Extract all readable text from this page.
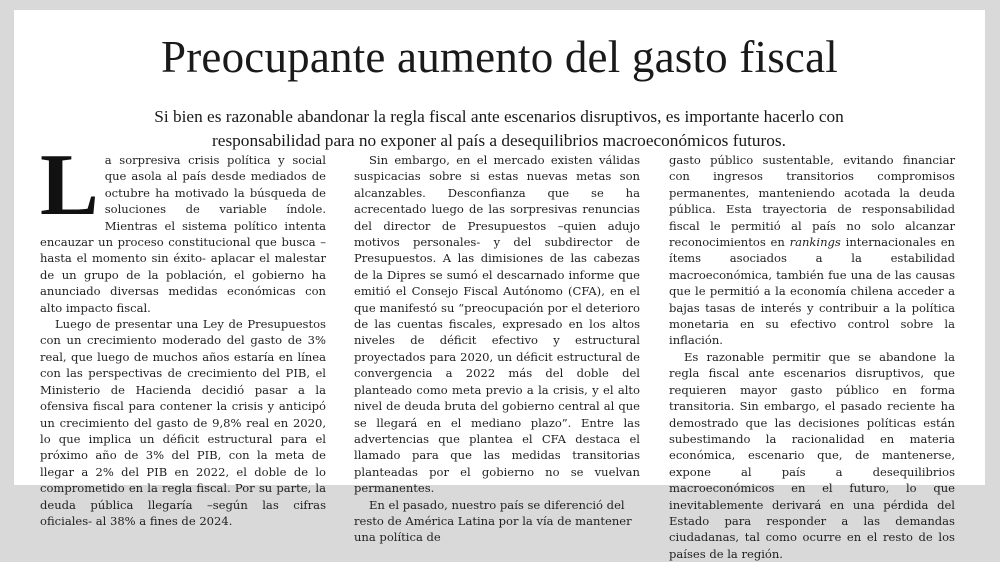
Preocupante aumento del gasto fiscal

Si bien es razonable abandonar la regla fiscal ante escenarios disruptivos, es importante hacerlo con responsabilidad para no exponer al país a desequilibrios macroeconómicos futuros.

La sorpresiva crisis política y social que asola al país desde mediados de octubre ha motivado la búsqueda de soluciones de variable índole. Mientras el sistema político intenta encauzar un proceso constitucional que busca –hasta el momento sin éxito- aplacar el malestar de un grupo de la población, el gobierno ha anunciado diversas medidas económicas con alto impacto fiscal.

Luego de presentar una Ley de Presupuestos con un crecimiento moderado del gasto de 3% real, que luego de muchos años estaría en línea con las perspectivas de crecimiento del PIB, el Ministerio de Hacienda decidió pasar a la ofensiva fiscal para contener la crisis y anticipó un crecimiento del gasto de 9,8% real en 2020, lo que implica un déficit estructural para el próximo año de 3% del PIB, con la meta de llegar a 2% del PIB en 2022, el doble de lo comprometido en la regla fiscal. Por su parte, la deuda pública llegaría –según las cifras oficiales- al 38% a fines de 2024.

Sin embargo, en el mercado existen válidas suspicacias sobre si estas nuevas metas son alcanzables. Desconfianza que se ha acrecentado luego de las sorpresivas renuncias del director de Presupuestos –quien adujo motivos personales- y del subdirector de Presupuestos. A las dimisiones de las cabezas de la Dipres se sumó el descarnado informe que emitió el Consejo Fiscal Autónomo (CFA), en el que manifestó su “preocupación por el deterioro de las cuentas fiscales, expresado en los altos niveles de déficit efectivo y estructural proyectados para 2020, un déficit estructural de convergencia a 2022 más del doble del planteado como meta previo a la crisis, y el alto nivel de deuda bruta del gobierno central al que se llegará en el mediano plazo”. Entre las advertencias que plantea el CFA destaca el llamado para que las medidas transitorias planteadas por el gobierno no se vuelvan permanentes.

En el pasado, nuestro país se diferenció del resto de América Latina por la vía de mantener una política de

gasto público sustentable, evitando financiar con ingresos transitorios compromisos permanentes, manteniendo acotada la deuda pública. Esta trayectoria de responsabilidad fiscal le permitió al país no solo alcanzar reconocimientos en rankings internacionales en ítems asociados a la estabilidad macroeconómica, también fue una de las causas que le permitió a la economía chilena acceder a bajas tasas de interés y contribuir a la política monetaria en su efectivo control sobre la inflación.

Es razonable permitir que se abandone la regla fiscal ante escenarios disruptivos, que requieren mayor gasto público en forma transitoria. Sin embargo, el pasado reciente ha demostrado que las decisiones políticas están subestimando la racionalidad en materia económica, escenario que, de mantenerse, expone al país a desequilibrios macroeconómicos en el futuro, lo que inevitablemente derivará en una pérdida del Estado para responder a las demandas ciudadanas, tal como ocurre en el resto de los países de la región.
